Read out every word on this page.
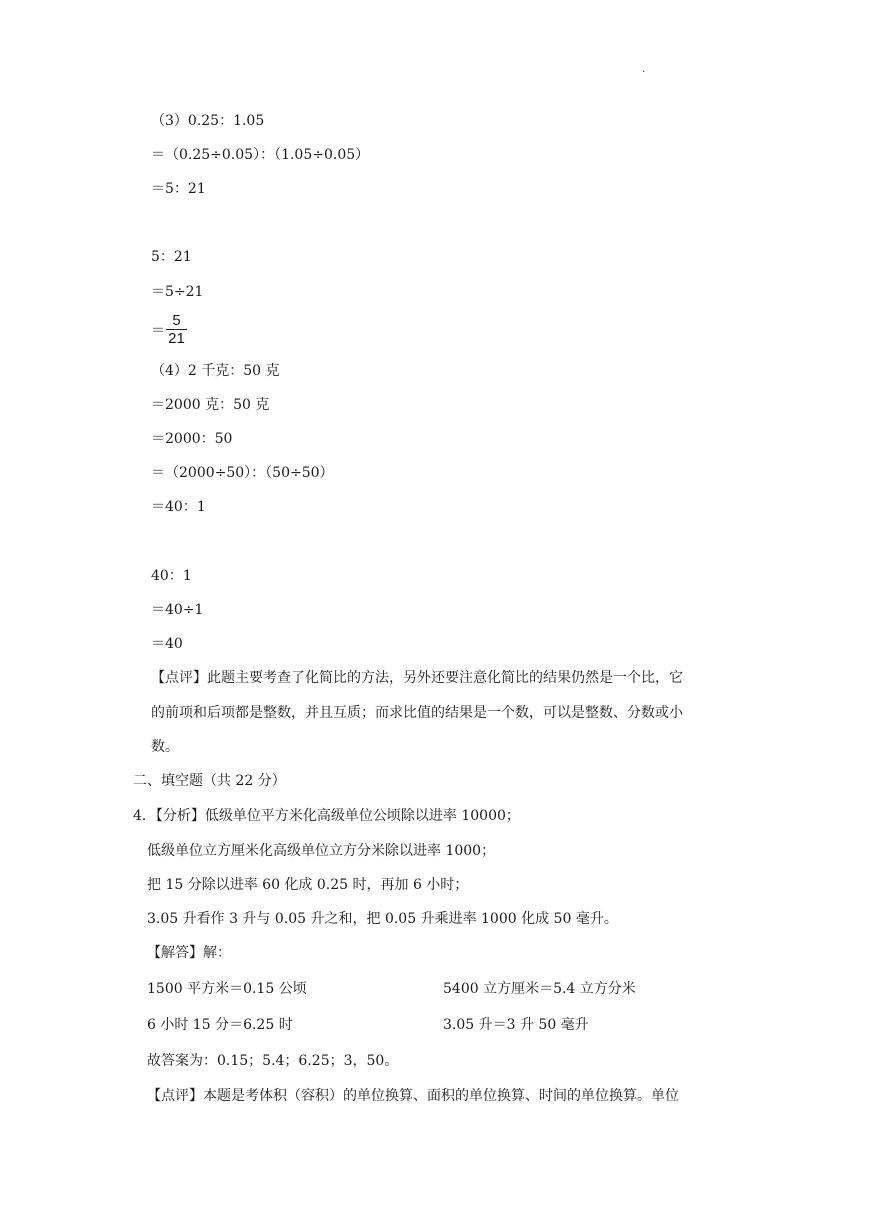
.
（3）0.25：1.05
＝（0.25÷0.05）：（1.05÷0.05）
＝5：21
5：21
＝5÷21
＝ $\frac{5}{21}$
（4）2 千克：50 克
＝2000 克：50 克
＝2000：50
＝（2000÷50）：（50÷50）
＝40：1
40：1
＝40÷1
＝40
【点评】此题主要考查了化简比的方法，另外还要注意化简比的结果仍然是一个比，它
的前项和后项都是整数，并且互质；而求比值的结果是一个数，可以是整数、分数或小
数。
二、填空题（共 22 分）
4．【分析】低级单位平方米化高级单位公顷除以进率 10000；
低级单位立方厘米化高级单位立方分米除以进率 1000；
把 15 分除以进率 60 化成 0.25 时，再加 6 小时；
3.05 升看作 3 升与 0.05 升之和，把 0.05 升乘进率 1000 化成 50 毫升。
【解答】解：
1500 平方米＝0.15 公顷	5400 立方厘米＝5.4 立方分米
6 小时 15 分＝6.25 时	3.05 升＝3 升 50 毫升
故答案为：0.15；5.4；6.25；3，50。
【点评】本题是考体积（容积）的单位换算、面积的单位换算、时间的单位换算。单位
